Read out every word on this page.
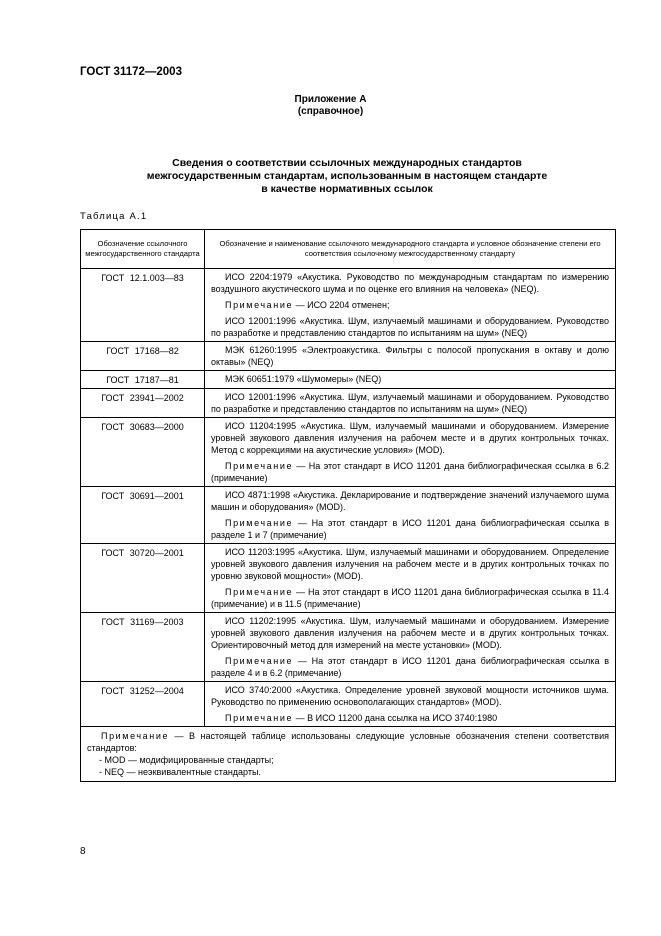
ГОСТ 31172—2003
Приложение А
(справочное)
Сведения о соответствии ссылочных международных стандартов
межгосударственным стандартам, использованным в настоящем стандарте
в качестве нормативных ссылок
Таблица А.1
Обозначение ссылочного межгосударственного стандарта	Обозначение и наименование ссылочного международного стандарта и условное обозначение степени его соответствия ссылочному межгосударственному стандарту
ГОСТ 12.1.003—83	ИСО 2204:1979 «Акустика. Руководство по международным стандартам по измерению воздушного акустического шума и по оценке его влияния на человека» (NEQ).

Примечание — ИСО 2204 отменен;

ИСО 12001:1996 «Акустика. Шум, излучаемый машинами и оборудованием. Руководство по разработке и представлению стандартов по испытаниям на шум» (NEQ)

ГОСТ 17168—82	МЭК 61260:1995 «Электроакустика. Фильтры с полосой пропускания в октаву и долю октавы» (NEQ)

ГОСТ 17187—81	МЭК 60651:1979 «Шумомеры» (NEQ)

ГОСТ 23941—2002	ИСО 12001:1996 «Акустика. Шум, излучаемый машинами и оборудованием. Руководство по разработке и представлению стандартов по испытаниям на шум» (NEQ)

ГОСТ 30683—2000	ИСО 11204:1995 «Акустика. Шум, излучаемый машинами и оборудованием. Измерение уровней звукового давления излучения на рабочем месте и в других контрольных точках. Метод с коррекциями на акустические условия» (MOD).

Примечание — На этот стандарт в ИСО 11201 дана библиографическая ссылка в 6.2 (примечание)

ГОСТ 30691—2001	ИСО 4871:1998 «Акустика. Декларирование и подтверждение значений излучаемого шума машин и оборудования» (MOD).

Примечание — На этот стандарт в ИСО 11201 дана библиографическая ссылка в разделе 1 и 7 (примечание)

ГОСТ 30720—2001	ИСО 11203:1995 «Акустика. Шум, излучаемый машинами и оборудованием. Определение уровней звукового давления излучения на рабочем месте и в других контрольных точках по уровню звуковой мощности» (MOD).

Примечание — На этот стандарт в ИСО 11201 дана библиографическая ссылка в 11.4 (примечание) и в 11.5 (примечание)

ГОСТ 31169—2003	ИСО 11202:1995 «Акустика. Шум, излучаемый машинами и оборудованием. Измерение уровней звукового давления излучения на рабочем месте и в других контрольных точках. Ориентировочный метод для измерений на месте установки» (MOD).

Примечание — На этот стандарт в ИСО 11201 дана библиографическая ссылка в разделе 4 и в 6.2 (примечание)

ГОСТ 31252—2004	ИСО 3740:2000 «Акустика. Определение уровней звуковой мощности источников шума. Руководство по применению основополагающих стандартов» (MOD).

Примечание — В ИСО 11200 дана ссылка на ИСО 3740:1980

Примечание — В настоящей таблице использованы следующие условные обозначения степени соответствия стандартов:

- MOD — модифицированные стандарты;

- NEQ — неэквивалентные стандарты.	

8
